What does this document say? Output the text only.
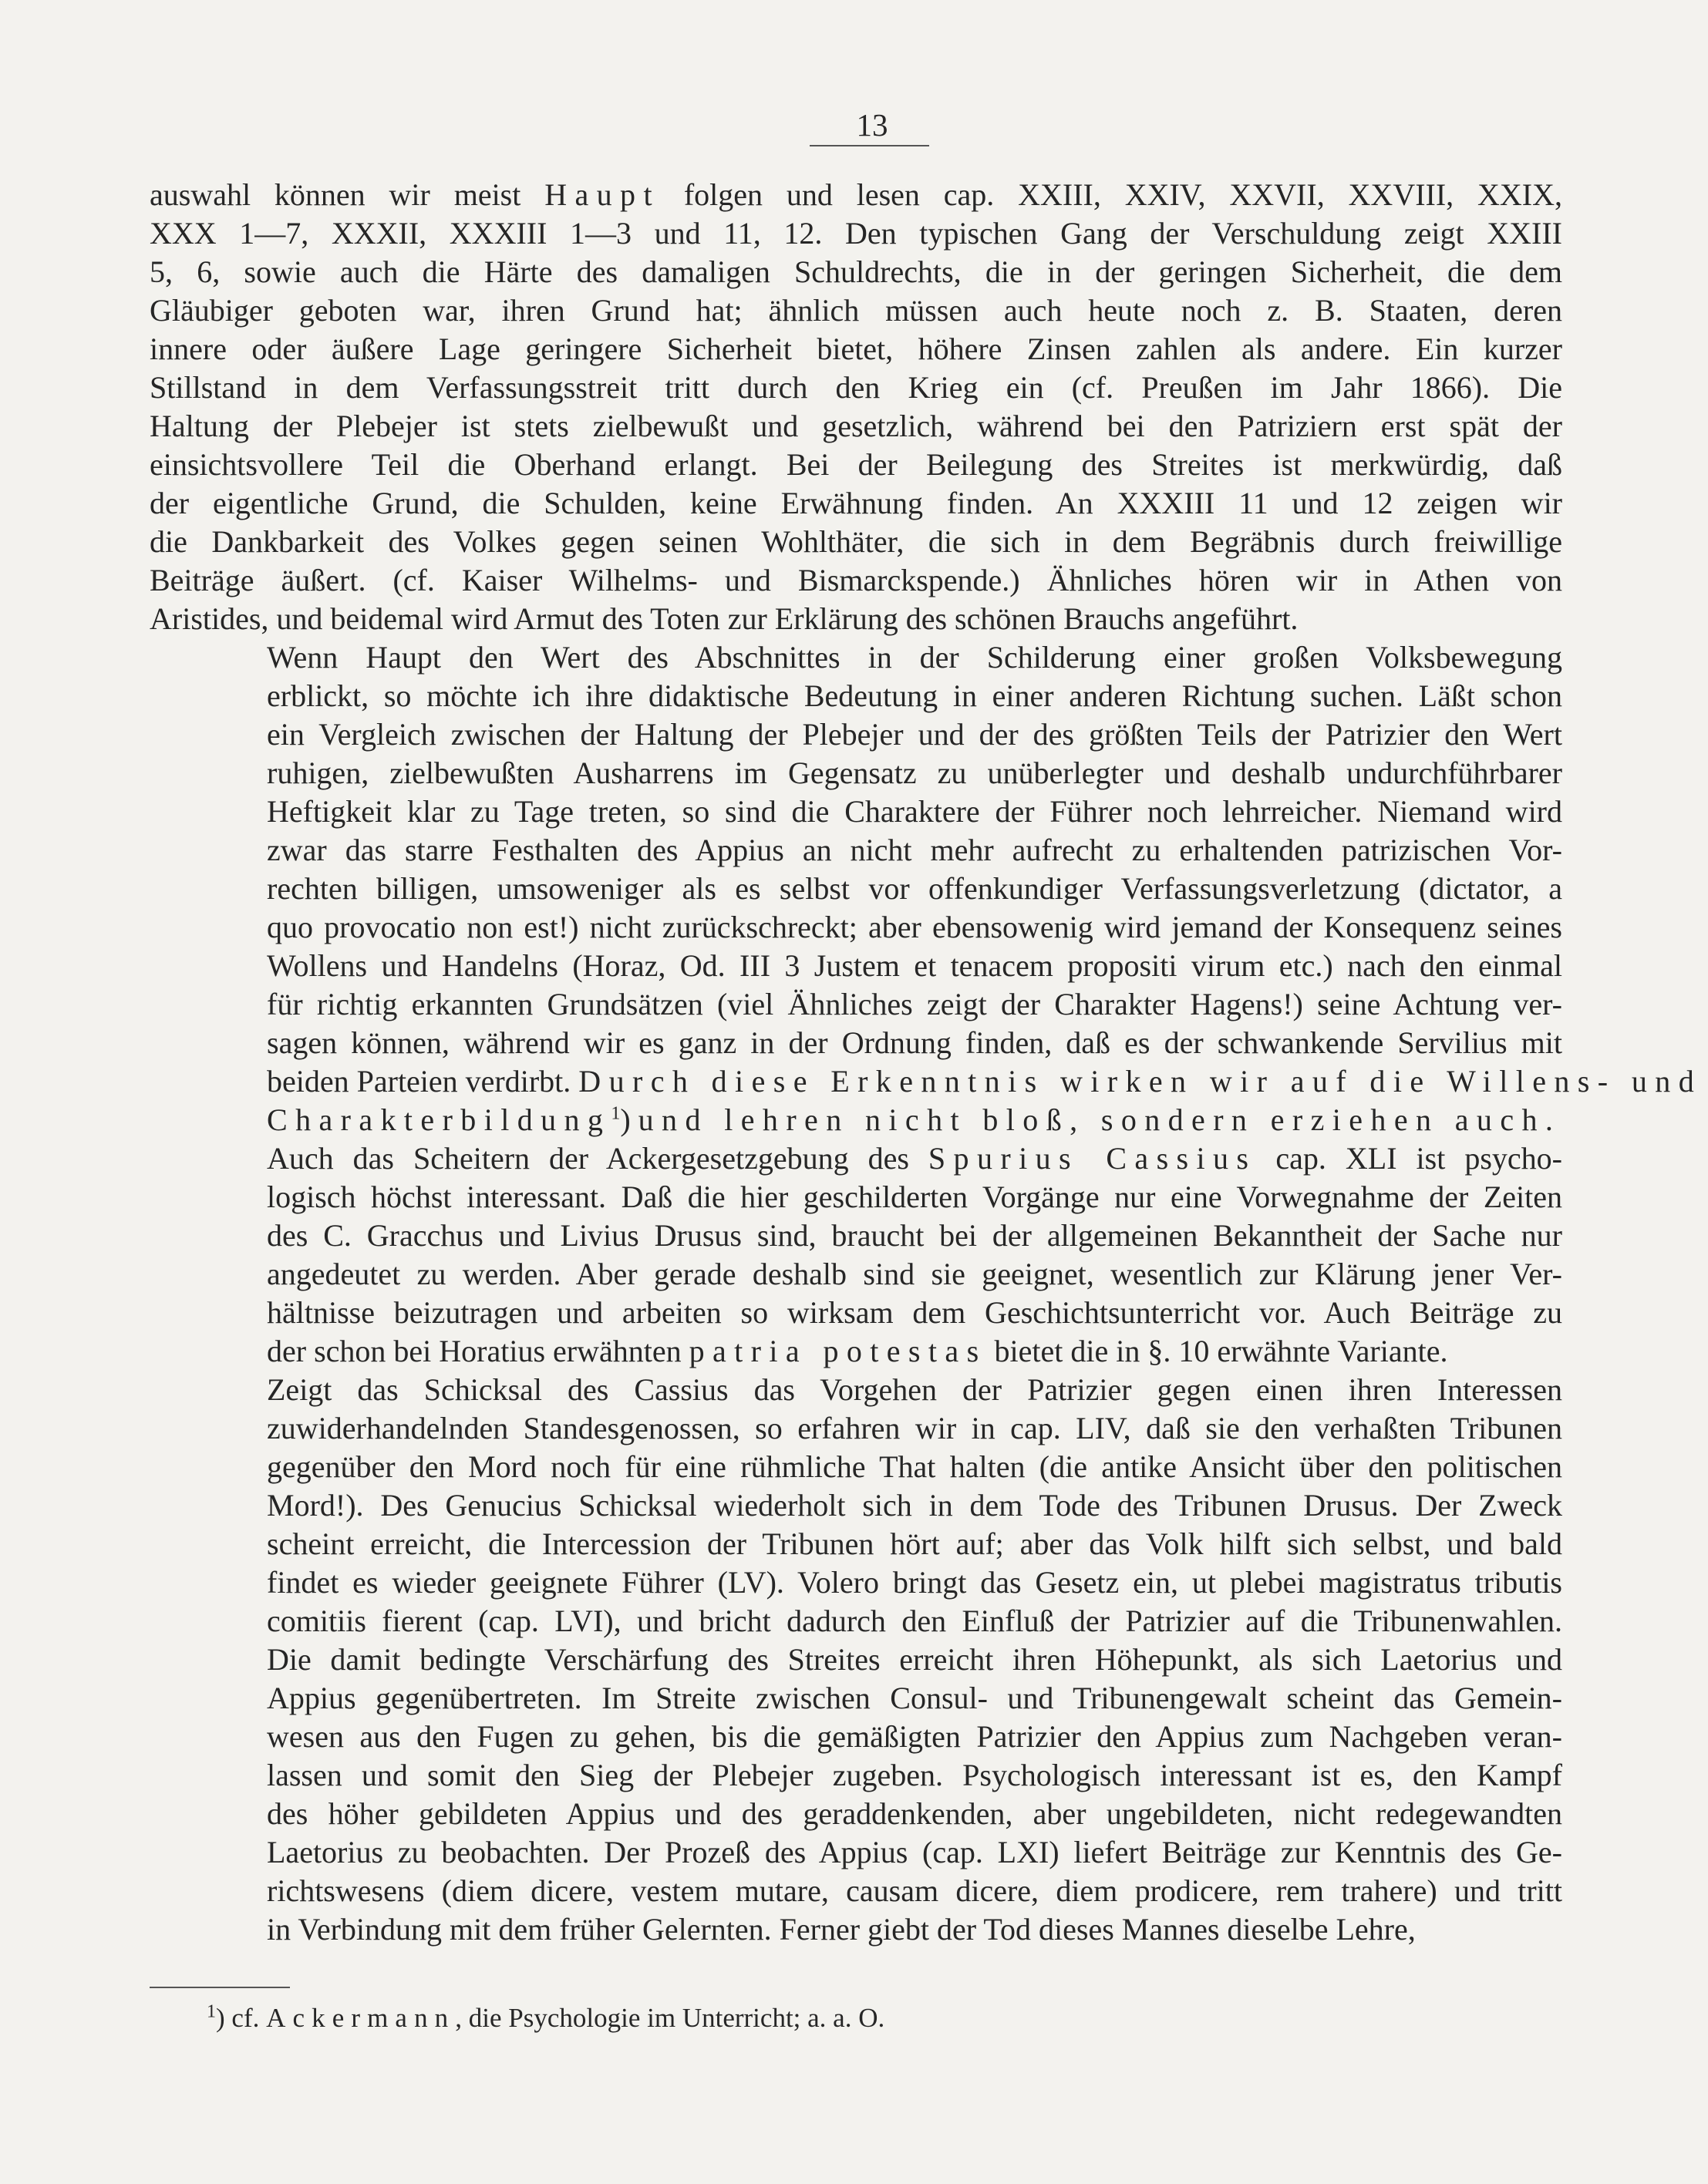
13
auswahl können wir meist Haupt folgen und lesen cap. XXIII, XXIV, XXVII, XXVIII, XXIX,
XXX 1—7, XXXII, XXXIII 1—3 und 11, 12. Den typischen Gang der Verschuldung zeigt XXIII
5, 6, sowie auch die Härte des damaligen Schuldrechts, die in der geringen Sicherheit, die dem
Gläubiger geboten war, ihren Grund hat; ähnlich müssen auch heute noch z. B. Staaten, deren
innere oder äußere Lage geringere Sicherheit bietet, höhere Zinsen zahlen als andere. Ein kurzer
Stillstand in dem Verfassungsstreit tritt durch den Krieg ein (cf. Preußen im Jahr 1866). Die
Haltung der Plebejer ist stets zielbewußt und gesetzlich, während bei den Patriziern erst spät der
einsichtsvollere Teil die Oberhand erlangt. Bei der Beilegung des Streites ist merkwürdig, daß
der eigentliche Grund, die Schulden, keine Erwähnung finden. An XXXIII 11 und 12 zeigen wir
die Dankbarkeit des Volkes gegen seinen Wohlthäter, die sich in dem Begräbnis durch freiwillige
Beiträge äußert. (cf. Kaiser Wilhelms- und Bismarckspende.) Ähnliches hören wir in Athen von
Aristides, und beidemal wird Armut des Toten zur Erklärung des schönen Brauchs angeführt.
Wenn Haupt den Wert des Abschnittes in der Schilderung einer großen Volksbewegung
erblickt, so möchte ich ihre didaktische Bedeutung in einer anderen Richtung suchen. Läßt schon
ein Vergleich zwischen der Haltung der Plebejer und der des größten Teils der Patrizier den Wert
ruhigen, zielbewußten Ausharrens im Gegensatz zu unüberlegter und deshalb undurchführbarer
Heftigkeit klar zu Tage treten, so sind die Charaktere der Führer noch lehrreicher. Niemand wird
zwar das starre Festhalten des Appius an nicht mehr aufrecht zu erhaltenden patrizischen Vor-
rechten billigen, umsoweniger als es selbst vor offenkundiger Verfassungsverletzung (dictator, a
quo provocatio non est!) nicht zurückschreckt; aber ebensowenig wird jemand der Konsequenz seines
Wollens und Handelns (Horaz, Od. III 3 Justem et tenacem propositi virum etc.) nach den einmal
für richtig erkannten Grundsätzen (viel Ähnliches zeigt der Charakter Hagens!) seine Achtung ver-
sagen können, während wir es ganz in der Ordnung finden, daß es der schwankende Servilius mit
beiden Parteien verdirbt. Durch diese Erkenntnis wirken wir auf die Willens- und
Charakterbildung$^1$) und lehren nicht bloß, sondern erziehen auch.
Auch das Scheitern der Ackergesetzgebung des Spurius Cassius cap. XLI ist psycho-
logisch höchst interessant. Daß die hier geschilderten Vorgänge nur eine Vorwegnahme der Zeiten
des C. Gracchus und Livius Drusus sind, braucht bei der allgemeinen Bekanntheit der Sache nur
angedeutet zu werden. Aber gerade deshalb sind sie geeignet, wesentlich zur Klärung jener Ver-
hältnisse beizutragen und arbeiten so wirksam dem Geschichtsunterricht vor. Auch Beiträge zu
der schon bei Horatius erwähnten patria potestas bietet die in §. 10 erwähnte Variante.
Zeigt das Schicksal des Cassius das Vorgehen der Patrizier gegen einen ihren Interessen
zuwiderhandelnden Standesgenossen, so erfahren wir in cap. LIV, daß sie den verhaßten Tribunen
gegenüber den Mord noch für eine rühmliche That halten (die antike Ansicht über den politischen
Mord!). Des Genucius Schicksal wiederholt sich in dem Tode des Tribunen Drusus. Der Zweck
scheint erreicht, die Intercession der Tribunen hört auf; aber das Volk hilft sich selbst, und bald
findet es wieder geeignete Führer (LV). Volero bringt das Gesetz ein, ut plebei magistratus tributis
comitiis fierent (cap. LVI), und bricht dadurch den Einfluß der Patrizier auf die Tribunenwahlen.
Die damit bedingte Verschärfung des Streites erreicht ihren Höhepunkt, als sich Laetorius und
Appius gegenübertreten. Im Streite zwischen Consul- und Tribunengewalt scheint das Gemein-
wesen aus den Fugen zu gehen, bis die gemäßigten Patrizier den Appius zum Nachgeben veran-
lassen und somit den Sieg der Plebejer zugeben. Psychologisch interessant ist es, den Kampf
des höher gebildeten Appius und des geraddenkenden, aber ungebildeten, nicht redegewandten
Laetorius zu beobachten. Der Prozeß des Appius (cap. LXI) liefert Beiträge zur Kenntnis des Ge-
richtswesens (diem dicere, vestem mutare, causam dicere, diem prodicere, rem trahere) und tritt
in Verbindung mit dem früher Gelernten. Ferner giebt der Tod dieses Mannes dieselbe Lehre,
$^1$) cf. Ackermann, die Psychologie im Unterricht; a. a. O.
